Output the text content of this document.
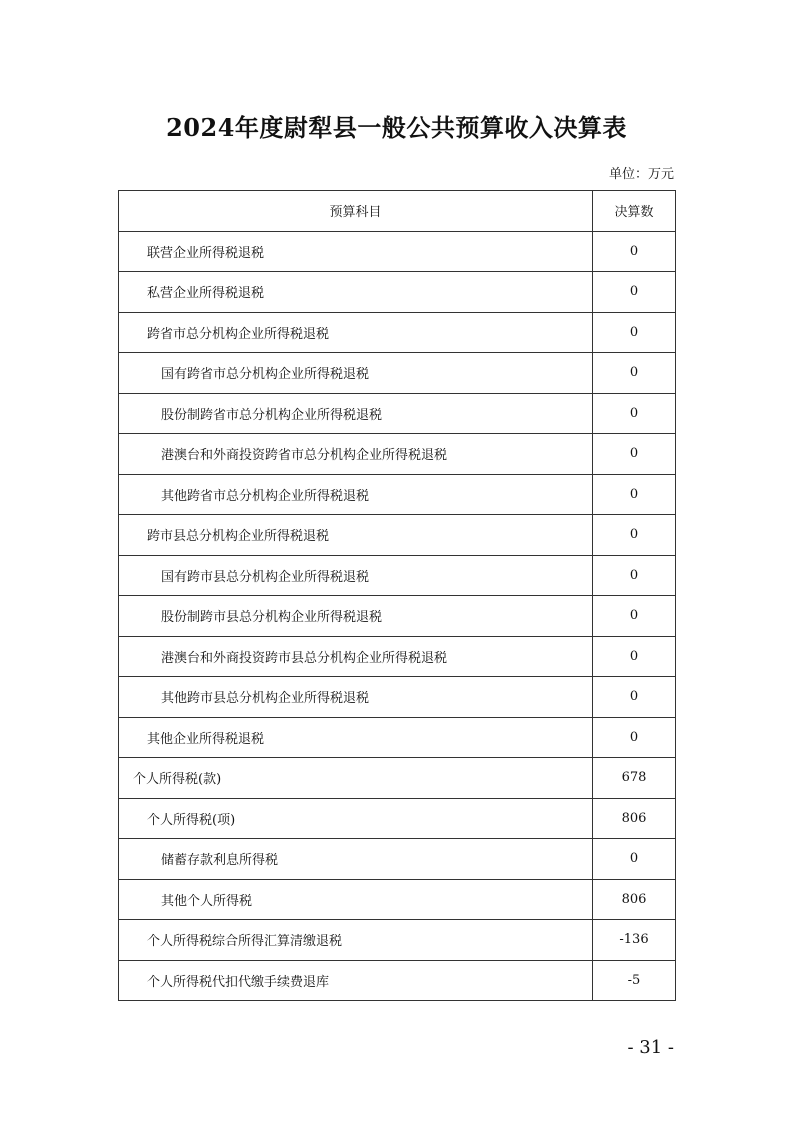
2024年度尉犁县一般公共预算收入决算表
单位：万元
预算科目	决算数
联营企业所得税退税	0
私营企业所得税退税	0
跨省市总分机构企业所得税退税	0
国有跨省市总分机构企业所得税退税	0
股份制跨省市总分机构企业所得税退税	0
港澳台和外商投资跨省市总分机构企业所得税退税	0
其他跨省市总分机构企业所得税退税	0
跨市县总分机构企业所得税退税	0
国有跨市县总分机构企业所得税退税	0
股份制跨市县总分机构企业所得税退税	0
港澳台和外商投资跨市县总分机构企业所得税退税	0
其他跨市县总分机构企业所得税退税	0
其他企业所得税退税	0
个人所得税(款)	678
个人所得税(项)	806
储蓄存款利息所得税	0
其他个人所得税	806
个人所得税综合所得汇算清缴退税	-136
个人所得税代扣代缴手续费退库	-5
- 31 -
